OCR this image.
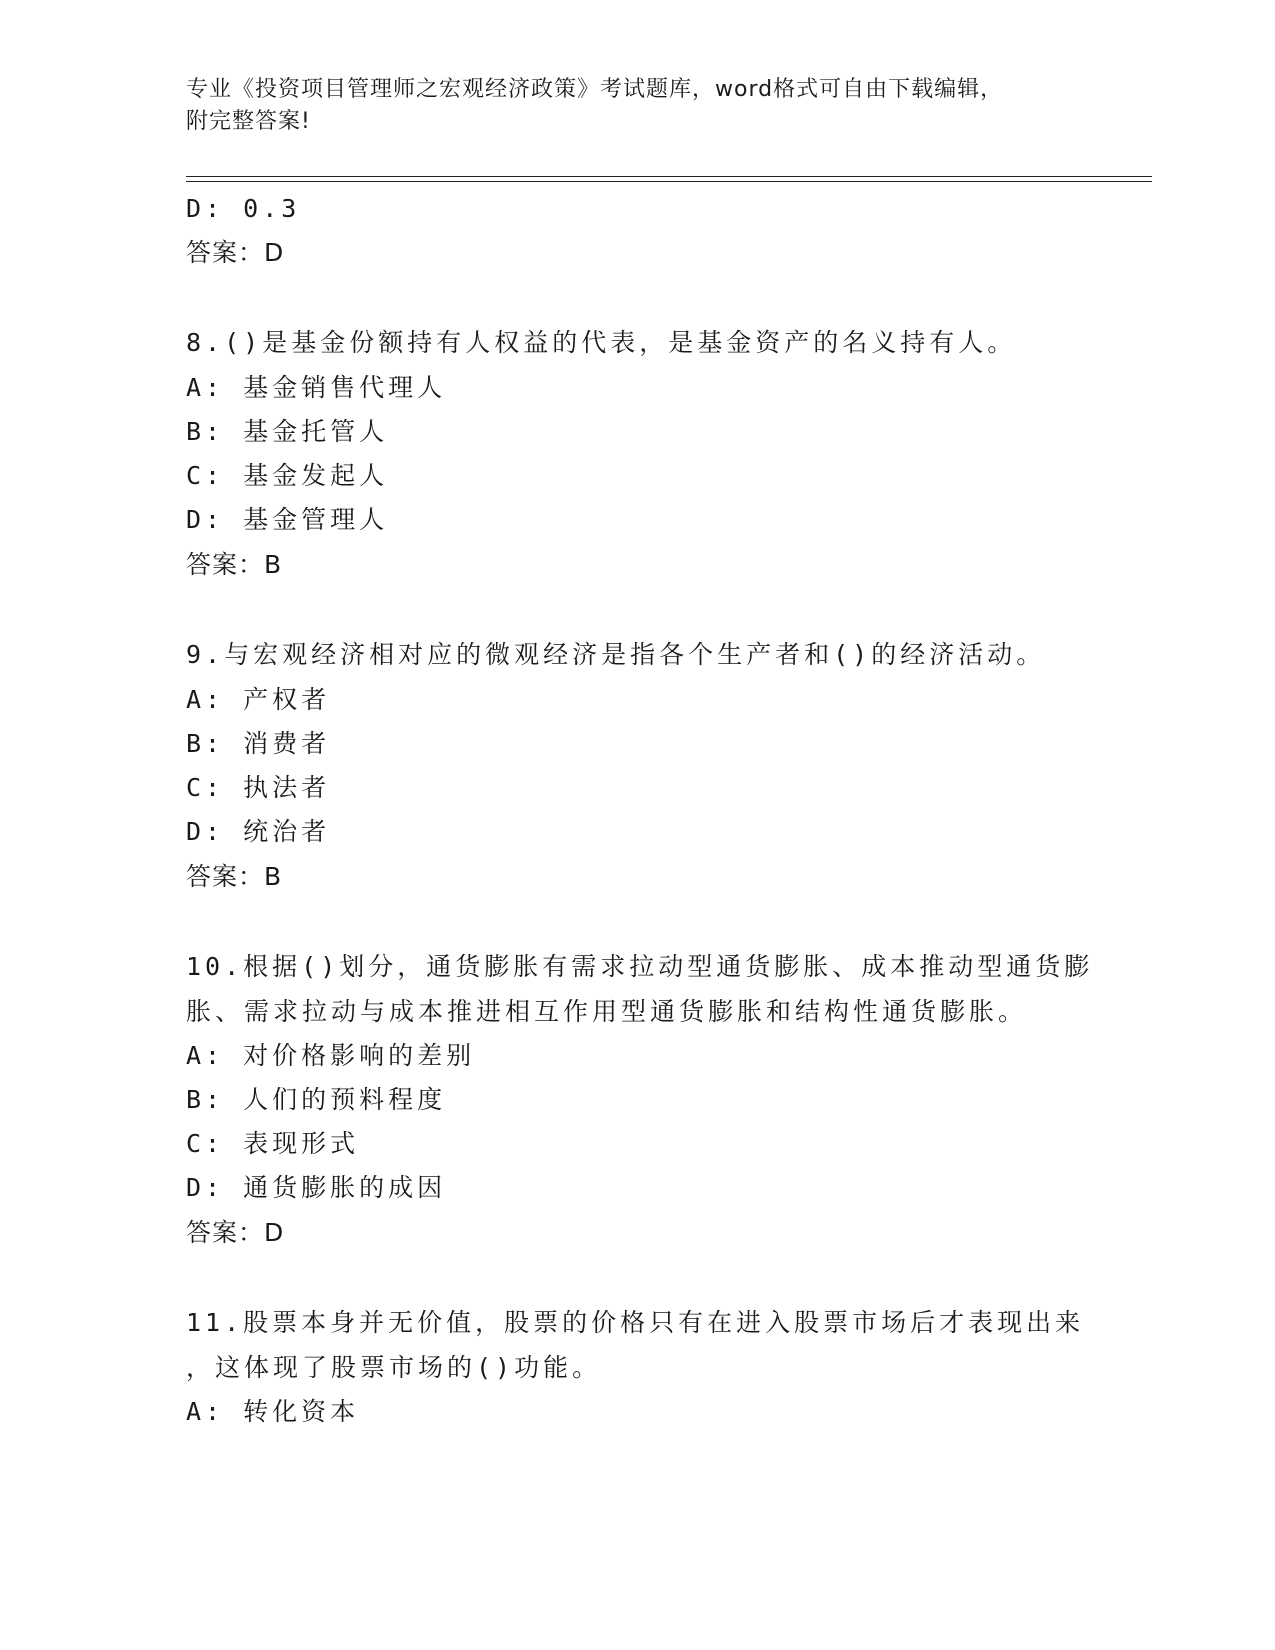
专业《投资项目管理师之宏观经济政策》考试题库，word格式可自由下载编辑，
附完整答案!
D: 0.3
答案：D
8.()是基金份额持有人权益的代表，是基金资产的名义持有人。
A: 基金销售代理人
B: 基金托管人
C: 基金发起人
D: 基金管理人
答案：B
9.与宏观经济相对应的微观经济是指各个生产者和()的经济活动。
A: 产权者
B: 消费者
C: 执法者
D: 统治者
答案：B
10.根据()划分，通货膨胀有需求拉动型通货膨胀、成本推动型通货膨
胀、需求拉动与成本推进相互作用型通货膨胀和结构性通货膨胀。
A: 对价格影响的差别
B: 人们的预料程度
C: 表现形式
D: 通货膨胀的成因
答案：D
11.股票本身并无价值，股票的价格只有在进入股票市场后才表现出来
，这体现了股票市场的()功能。
A: 转化资本
